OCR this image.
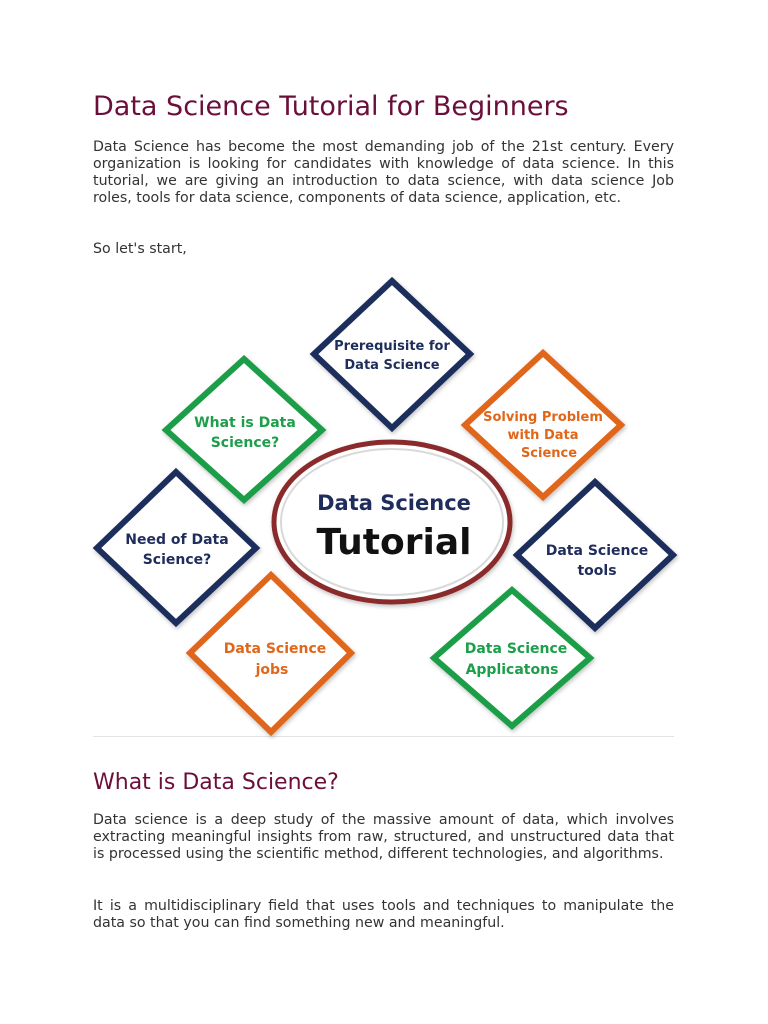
Data Science Tutorial for Beginners

Data Science has become the most demanding job of the 21st century. Every organization is looking for candidates with knowledge of data science. In this tutorial, we are giving an introduction to data science, with data science Job roles, tools for data science, components of data science, application, etc.

So let's start,

What is Data Science?

Data science is a deep study of the massive amount of data, which involves extracting meaningful insights from raw, structured, and unstructured data that is processed using the scientific method, different technologies, and algorithms.

It is a multidisciplinary field that uses tools and techniques to manipulate the data so that you can find something new and meaningful.

Data Science
Tutorial
Prerequisite for
Data Science
What is Data
Science?
Solving Problem
with Data
Science
Need of Data
Science?
Data Science
tools
Data Science
jobs
Data Science
Applicatons
